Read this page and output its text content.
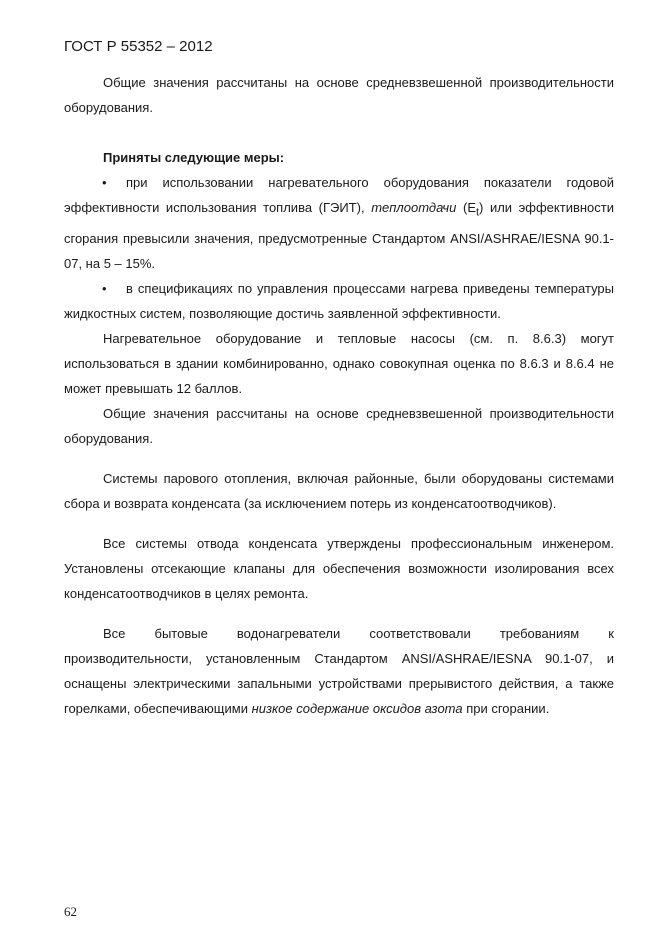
ГОСТ Р 55352 – 2012

Общие значения рассчитаны на основе средневзвешенной производительности оборудования.

Приняты следующие меры:

• при использовании нагревательного оборудования показатели годовой эффективности использования топлива (ГЭИТ), теплоотдачи $(E_t)$ или эффективности сгорания превысили значения, предусмотренные Стандартом ANSI/ASHRAE/IESNA 90.1-07, на 5 – 15%.

• в спецификациях по управления процессами нагрева приведены температуры жидкостных систем, позволяющие достичь заявленной эффективности.

Нагревательное оборудование и тепловые насосы (см. п. 8.6.3) могут использоваться в здании комбинированно, однако совокупная оценка по 8.6.3 и 8.6.4 не может превышать 12 баллов.

Общие значения рассчитаны на основе средневзвешенной производительности оборудования.

Системы парового отопления, включая районные, были оборудованы системами сбора и возврата конденсата (за исключением потерь из конденсатоотводчиков).

Все системы отвода конденсата утверждены профессиональным инженером. Установлены отсекающие клапаны для обеспечения возможности изолирования всех конденсатоотводчиков в целях ремонта.

Все бытовые водонагреватели соответствовали требованиям к производительности, установленным Стандартом ANSI/ASHRAE/IESNA 90.1-07, и оснащены электрическими запальными устройствами прерывистого действия, а также горелками, обеспечивающими низкое содержание оксидов азота при сгорании.

62
